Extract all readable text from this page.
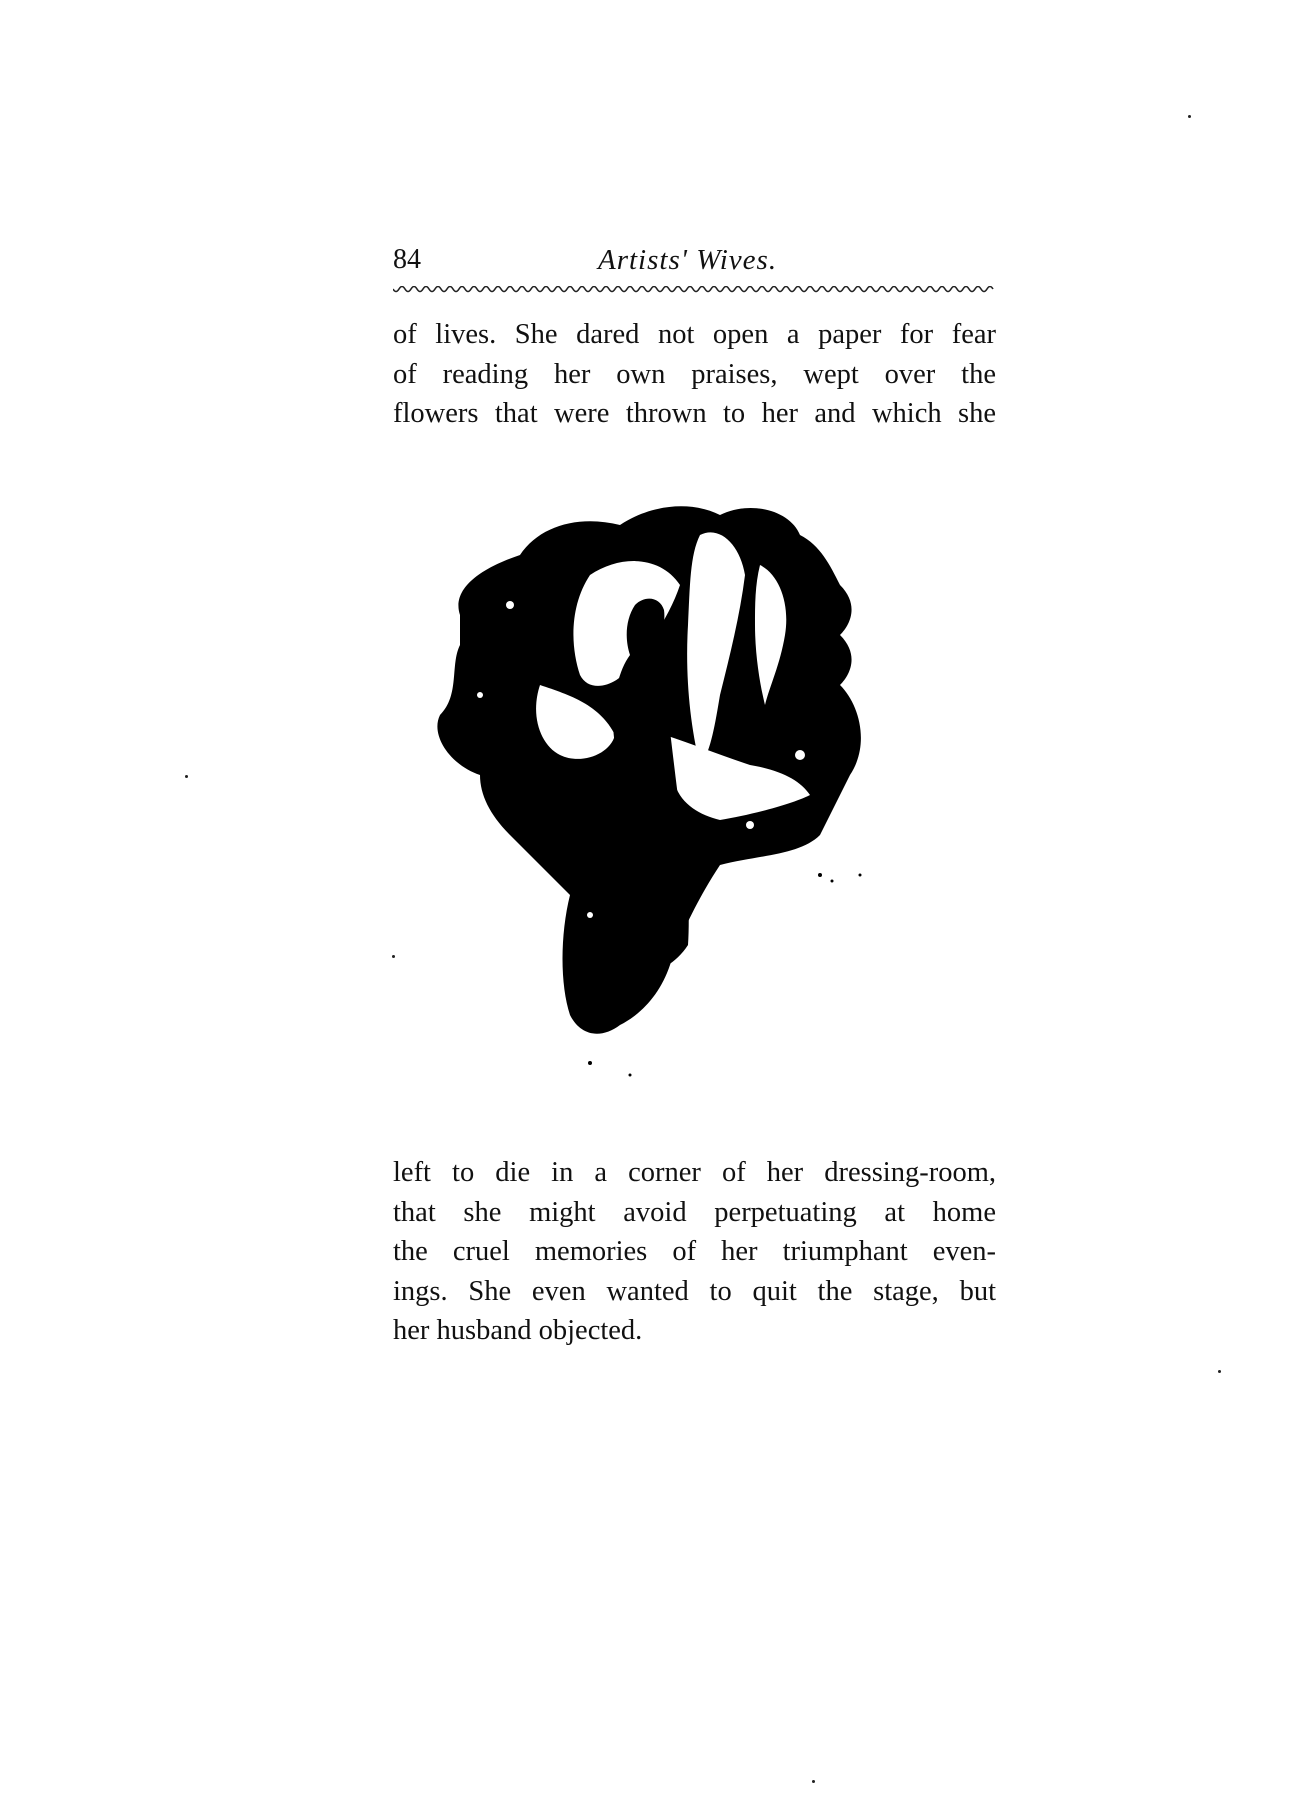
84	Artists' Wives.
of lives. She dared not open a paper for fear
of reading her own praises, wept over the
flowers that were thrown to her and which she
left to die in a corner of her dressing-room,
that she might avoid perpetuating at home
the cruel memories of her triumphant even-
ings. She even wanted to quit the stage, but
her husband objected.
